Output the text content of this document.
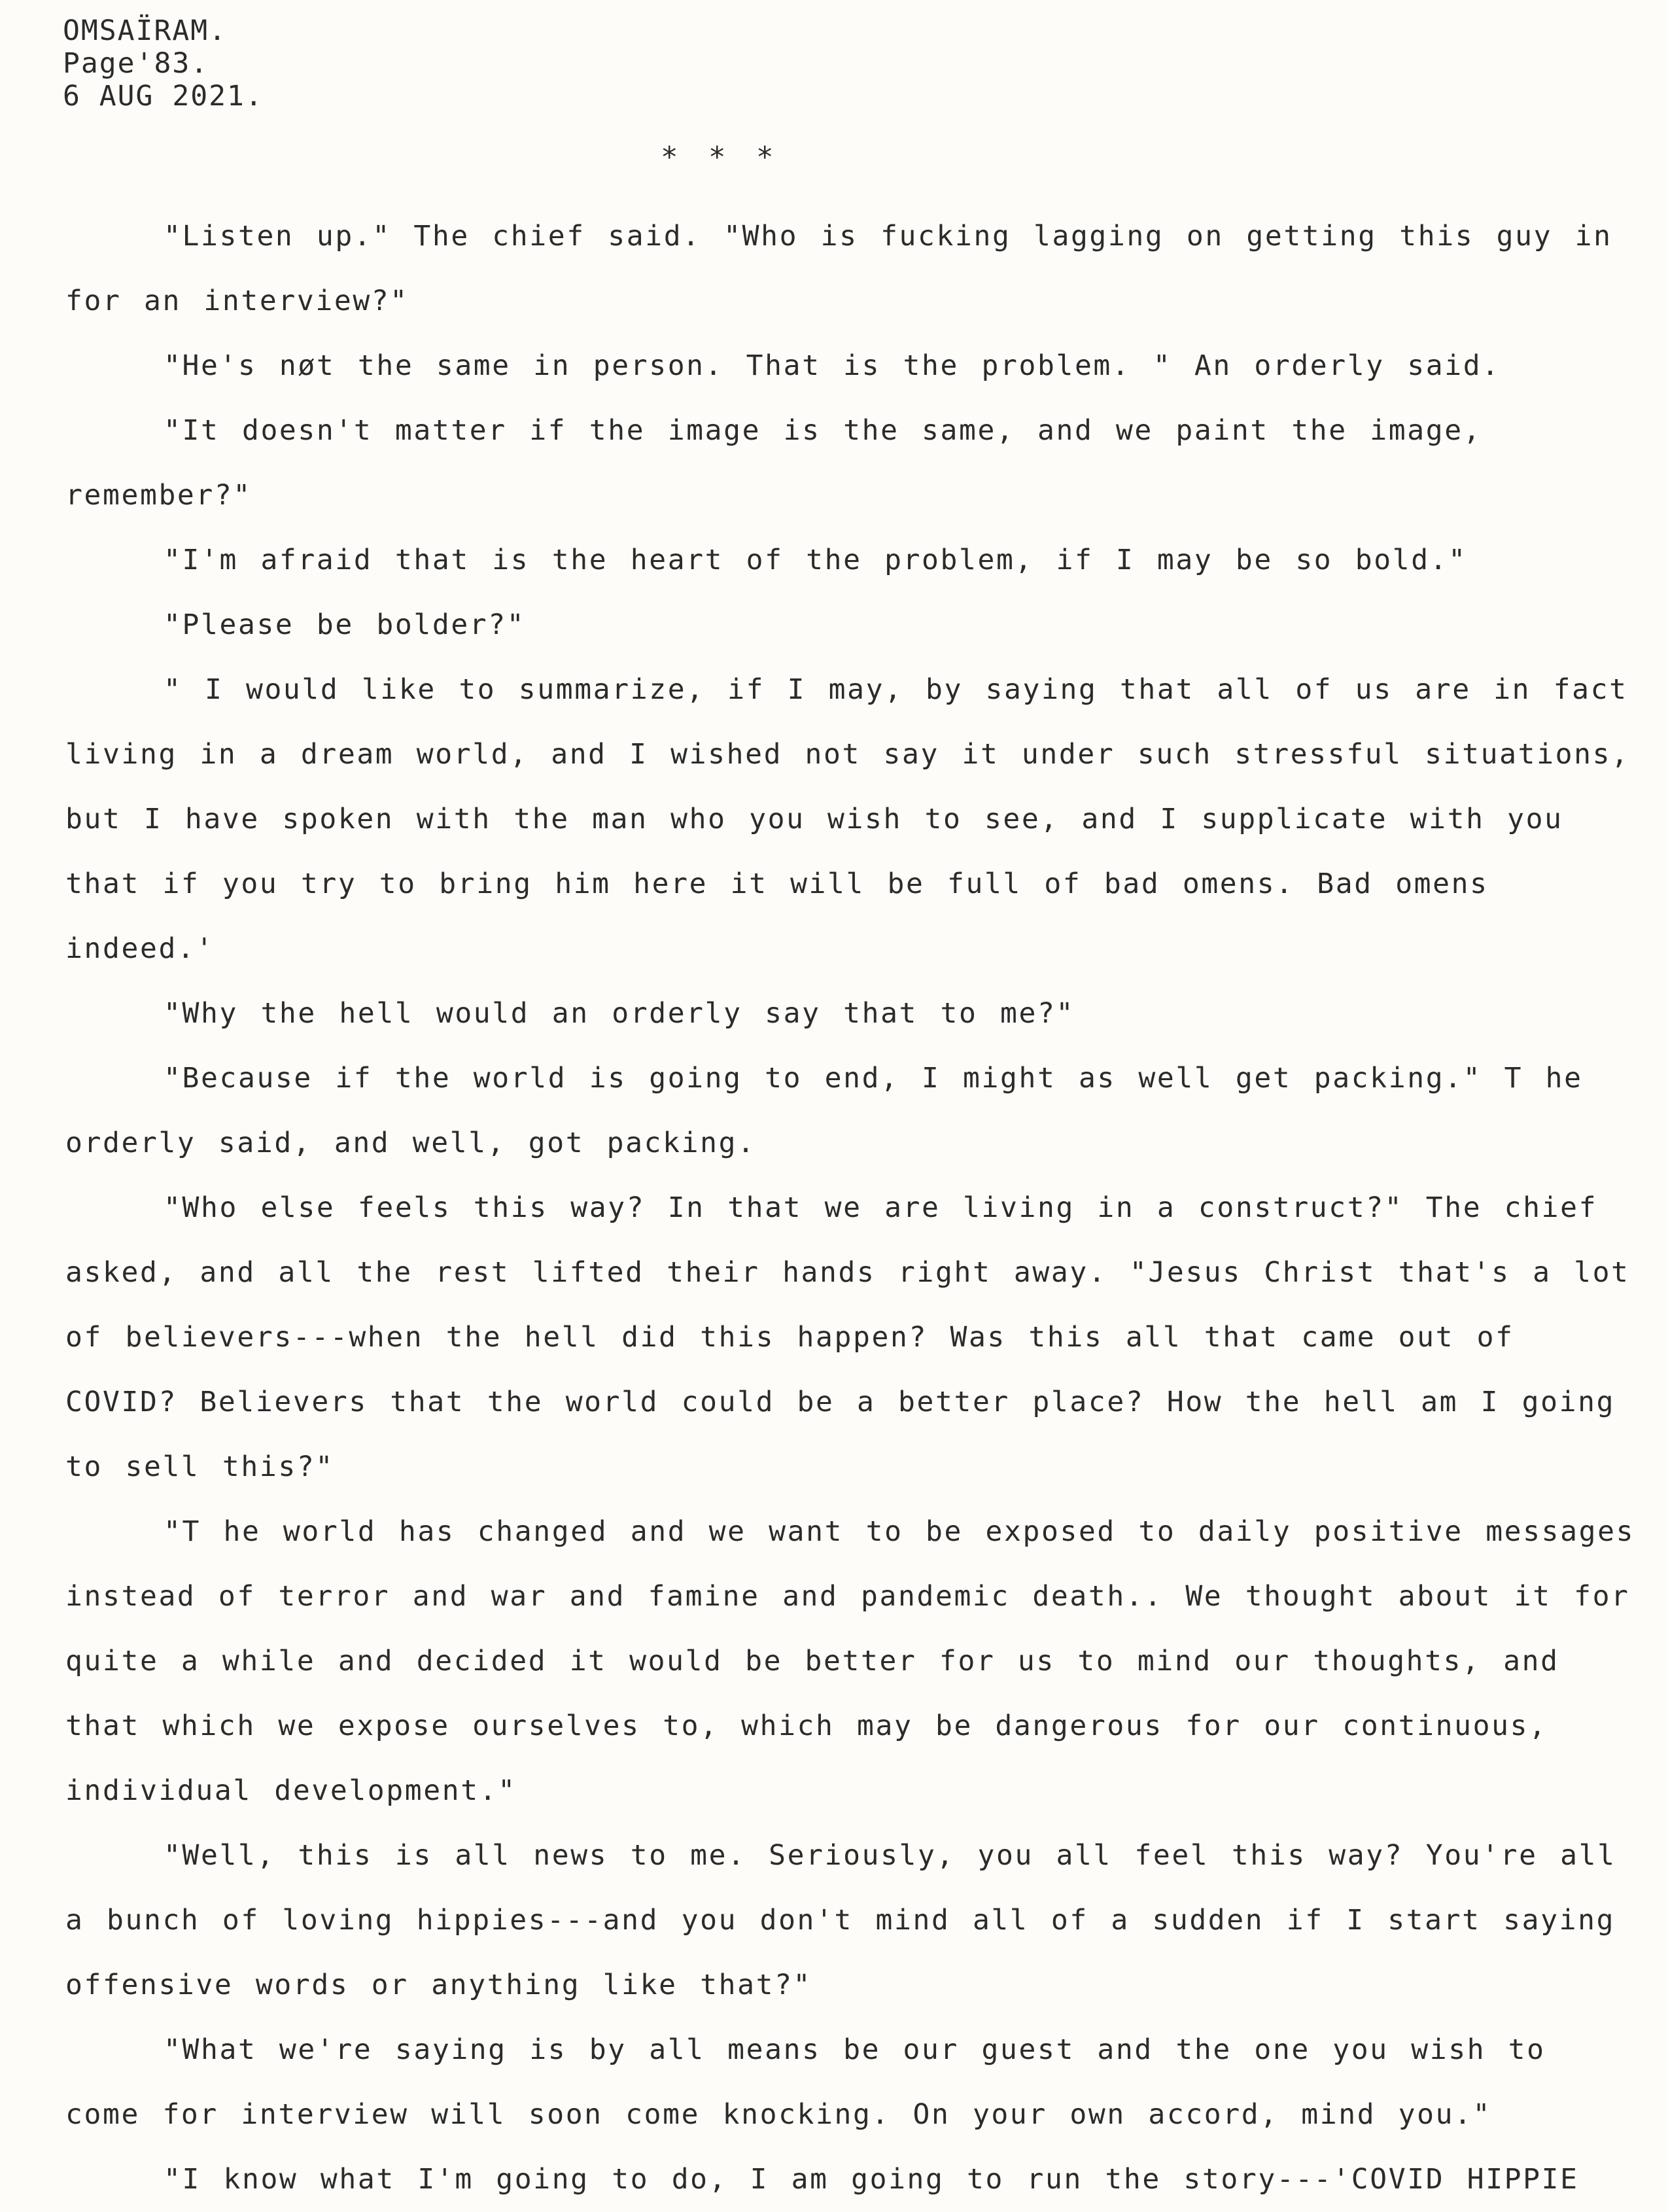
OMSAÏRAM.
Page'83.
6 AUG 2021.
* * *

"Listen up." The chief said. "Who is fucking lagging on getting this guy in for an interview?"

"He's nøt the same in person. That is the problem. " An orderly said.

"It doesn't matter if the image is the same, and we paint the image, remember?"

"I'm afraid that is the heart of the problem, if I may be so bold."

"Please be bolder?"

" I would like to summarize, if I may, by saying that all of us are in fact living in a dream world, and I wished not say it under such stressful situations, but I have spoken with the man who you wish to see, and I supplicate with you that if you try to bring him here it will be full of bad omens. Bad omens indeed.'

"Why the hell would an orderly say that to me?"

"Because if the world is going to end, I might as well get packing." T he orderly said, and well, got packing.

"Who else feels this way? In that we are living in a construct?" The chief asked, and all the rest lifted their hands right away. "Jesus Christ that's a lot of believers---when the hell did this happen? Was this all that came out of COVID? Believers that the world could be a better place? How the hell am I going to sell this?"

"T he world has changed and we want to be exposed to daily positive messages instead of terror and war and famine and pandemic death.. We thought about it for quite a while and decided it would be better for us to mind our thoughts, and that which we expose ourselves to, which may be dangerous for our continuous, individual development."

"Well, this is all news to me. Seriously, you all feel this way? You're all a bunch of loving hippies---and you don't mind all of a sudden if I start saying offensive words or anything like that?"

"What we're saying is by all means be our guest and the one you wish to come for interview will soon come knocking. On your own accord, mind you."

"I know what I'm going to do, I am going to run the story---'COVID HIPPIE
